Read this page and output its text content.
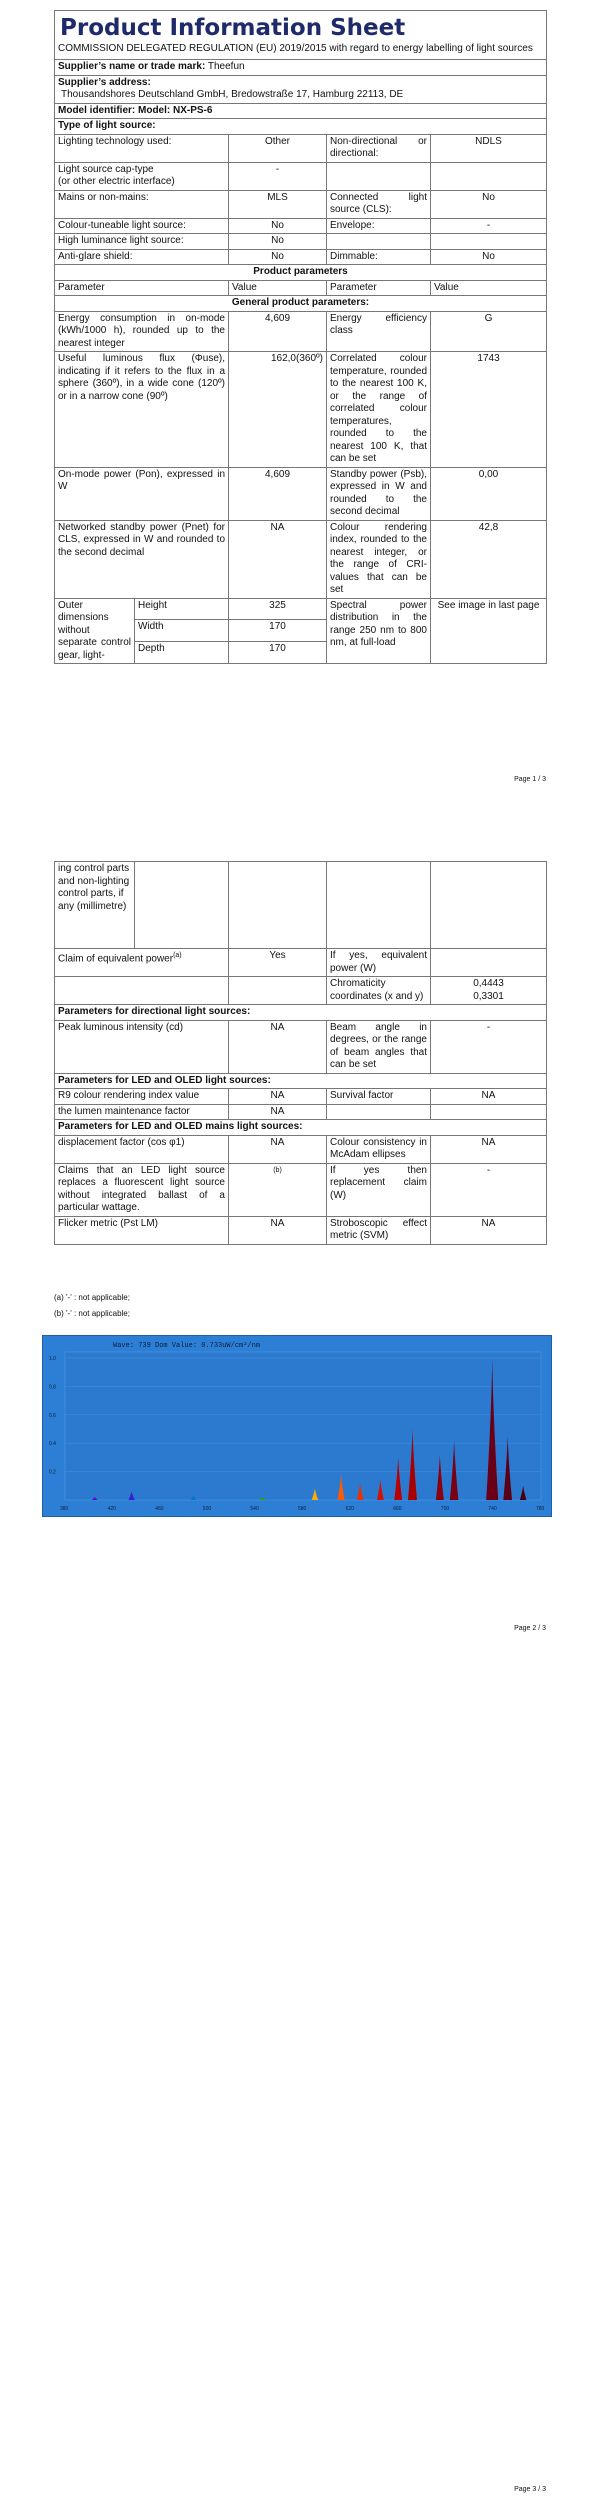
Product Information Sheet
COMMISSION DELEGATED REGULATION (EU) 2019/2015 with regard to energy labelling of light sources				

Supplier’s name or trade mark: Theefun				

Supplier’s address:
Thousandshores Deutschland GmbH, Bredowstraße 17, Hamburg 22113, DE				

Model identifier: Model: NX-PS-6				
Type of light source:				
Lighting technology used:		Other	Non-directional or directional:	NDLS

Light source cap-type
(or other electric interface)		-		
Mains or non-mains:		MLS	Connected light source (CLS):	No
Colour-tuneable light source:		No	Envelope:	-
High luminance light source:		No		
Anti-glare shield:		No	Dimmable:	No
Product parameters				
Parameter		Value	Parameter	Value
General product parameters:				
Energy consumption in on-mode (kWh/1000 h), rounded up to the nearest integer		4,609	Energy efficiency class	G
Useful luminous flux (Φuse), indicating if it refers to the flux in a sphere (360º), in a wide cone (120º) or in a narrow cone (90º)		162,0(360º)	Correlated colour temperature, rounded to the nearest 100 K, or the range of correlated colour temperatures, rounded to the nearest 100 K, that can be set	1743
On-mode power (Pon), expressed in W		4,609	Standby power (Psb), expressed in W and rounded to the second decimal	0,00
Networked standby power (Pnet) for CLS, expressed in W and rounded to the second decimal		NA	Colour rendering index, rounded to the nearest integer, or the range of CRI-values that can be set	42,8
Outer dimensions without separate control gear, light-	Height	325	Spectral power distribution in the range 250 nm to 800 nm, at full-load	See image in last page
	Width	170		
	Depth	170		
Page 1 / 3
ing control parts and non-lighting control parts, if any (millimetre)				
Claim of equivalent power$^{(a)}$		Yes	If yes, equivalent power (W)	
			Chromaticity coordinates (x and y)	0,4443
0,3301

Parameters for directional light sources:				
Peak luminous intensity (cd)		NA	Beam angle in degrees, or the range of beam angles that can be set	-
Parameters for LED and OLED light sources:				
R9 colour rendering index value		NA	Survival factor	NA
the lumen maintenance factor		NA		
Parameters for LED and OLED mains light sources:				
displacement factor (cos φ1)		NA	Colour consistency in McAdam ellipses	NA
Claims that an LED light source replaces a fluorescent light source without integrated ballast of a particular wattage.		(b)	If yes then replacement claim (W)	-
Flicker metric (Pst LM)		NA	Stroboscopic effect metric (SVM)	NA
(a) '-' : not applicable;
(b) '-' : not applicable;
Page 2 / 3
1.0
0.8
0.6
0.4
0.2
380	420	460	500	540	580	620	660	700	740	780
Wave: 739 Dom Value: 0.733uW/cm²/nm
Page 3 / 3
